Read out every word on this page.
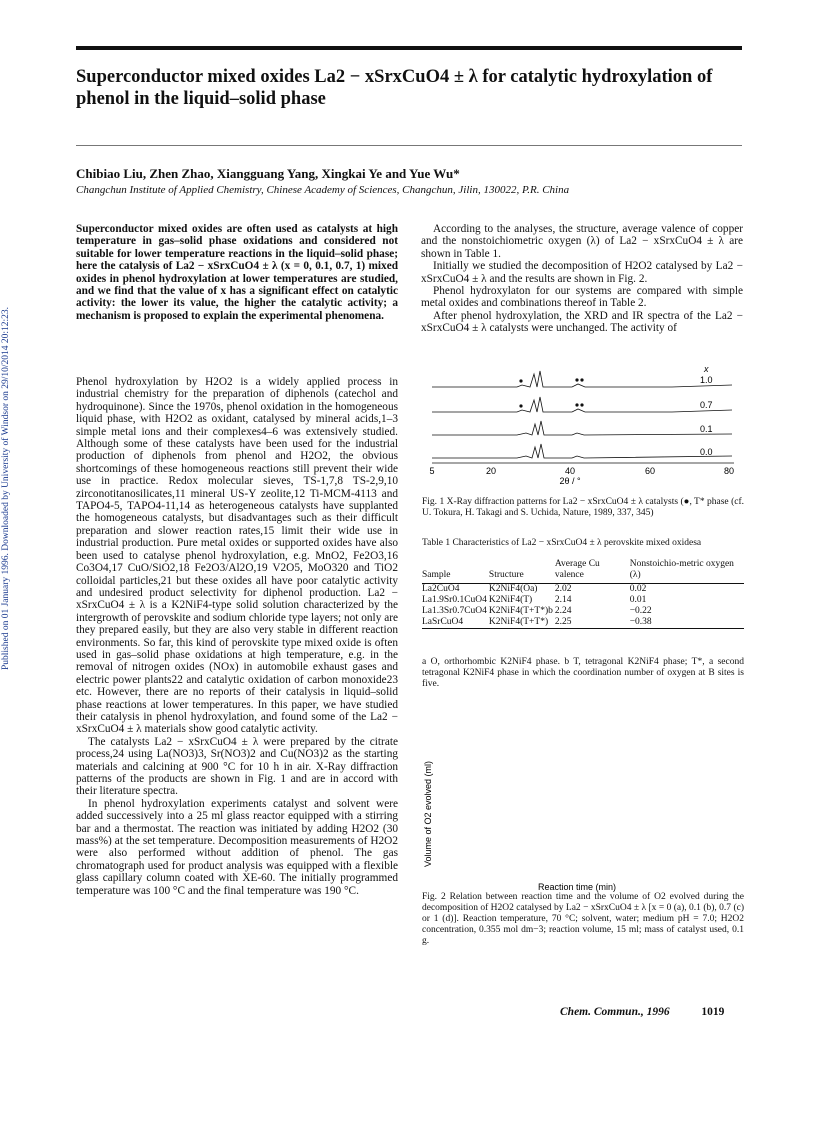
Published on 01 January 1996. Downloaded by University of Windsor on 29/10/2014 20:12:23.
Superconductor mixed oxides La2 − xSrxCuO4 ± λ for catalytic hydroxylation of phenol in the liquid–solid phase
Chibiao Liu, Zhen Zhao, Xiangguang Yang, Xingkai Ye and Yue Wu*
Changchun Institute of Applied Chemistry, Chinese Academy of Sciences, Changchun, Jilin, 130022, P.R. China
Superconductor mixed oxides are often used as catalysts at high temperature in gas–solid phase oxidations and considered not suitable for lower temperature reactions in the liquid–solid phase; here the catalysis of La2 − xSrxCuO4 ± λ (x = 0, 0.1, 0.7, 1) mixed oxides in phenol hydroxylation at lower temperatures are studied, and we find that the value of x has a significant effect on catalytic activity: the lower its value, the higher the catalytic activity; a mechanism is proposed to explain the experimental phenomena.

Phenol hydroxylation by H2O2 is a widely applied process in industrial chemistry for the preparation of diphenols (catechol and hydroquinone). Since the 1970s, phenol oxidation in the homogeneous liquid phase, with H2O2 as oxidant, catalysed by mineral acids,1–3 simple metal ions and their complexes4–6 was extensively studied. Although some of these catalysts have been used for the industrial production of diphenols from phenol and H2O2, the obvious shortcomings of these homogeneous reactions still prevent their wide use in practice. Redox molecular sieves, TS-1,7,8 TS-2,9,10 zirconotitanosilicates,11 mineral US-Y zeolite,12 Ti-MCM-4113 and TAPO4-5, TAPO4-11,14 as heterogeneous catalysts have supplanted the homogeneous catalysts, but disadvantages such as their difficult preparation and slower reaction rates,15 limit their wide use in industrial production. Pure metal oxides or supported oxides have also been used to catalyse phenol hydroxylation, e.g. MnO2, Fe2O3,16 Co3O4,17 CuO/SiO2,18 Fe2O3/Al2O,19 V2O5, MoO320 and TiO2 colloidal particles,21 but these oxides all have poor catalytic activity and undesired product selectivity for diphenol production. La2 − xSrxCuO4 ± λ is a K2NiF4-type solid solution characterized by the intergrowth of perovskite and sodium chloride type layers; not only are they prepared easily, but they are also very stable in different reaction environments. So far, this kind of perovskite type mixed oxide is often used in gas–solid phase oxidations at high temperature, e.g. in the removal of nitrogen oxides (NOx) in automobile exhaust gases and electric power plants22 and catalytic oxidation of carbon monoxide23 etc. However, there are no reports of their catalysis in liquid–solid phase reactions at lower temperatures. In this paper, we have studied their catalysis in phenol hydroxylation, and found some of the La2 − xSrxCuO4 ± λ materials show good catalytic activity.

The catalysts La2 − xSrxCuO4 ± λ were prepared by the citrate process,24 using La(NO3)3, Sr(NO3)2 and Cu(NO3)2 as the starting materials and calcining at 900 °C for 10 h in air. X-Ray diffraction patterns of the products are shown in Fig. 1 and are in accord with their literature spectra.

In phenol hydroxylation experiments catalyst and solvent were added successively into a 25 ml glass reactor equipped with a stirring bar and a thermostat. The reaction was initiated by adding H2O2 (30 mass%) at the set temperature. Decomposition measurements of H2O2 were also performed without addition of phenol. The gas chromatograph used for product analysis was equipped with a flexible glass capillary column coated with XE-60. The initially programmed temperature was 100 °C and the final temperature was 190 °C.

According to the analyses, the structure, average valence of copper and the nonstoichiometric oxygen (λ) of La2 − xSrxCuO4 ± λ are shown in Table 1.

Initially we studied the decomposition of H2O2 catalysed by La2 − xSrxCuO4 ± λ and the results are shown in Fig. 2.

Phenol hydroxylaton for our systems are compared with simple metal oxides and combinations thereof in Table 2.

After phenol hydroxylation, the XRD and IR spectra of the La2 − xSrxCuO4 ± λ catalysts were unchanged. The activity of

x
1.0
0.7
0.1
0.0
5	20	40	60	80
2θ / °
Fig. 1 X-Ray diffraction patterns for La2 − xSrxCuO4 ± λ catalysts (●, T* phase (cf. U. Tokura, H. Takagi and S. Uchida, Nature, 1989, 337, 345)
Table 1 Characteristics of La2 − xSrxCuO4 ± λ perovskite mixed oxidesa
Sample	Structure	Average Cu valence	Nonstoichio-metric oxygen (λ)
La2CuO4	K2NiF4(Oa)	2.02	0.02
La1.9Sr0.1CuO4	K2NiF4(T)	2.14	0.01
La1.3Sr0.7CuO4	K2NiF4(T+T*)b	2.24	−0.22
LaSrCuO4	K2NiF4(T+T*)	2.25	−0.38

a O, orthorhombic K2NiF4 phase. b T, tetragonal K2NiF4 phase; T*, a second tetragonal K2NiF4 phase in which the coordination number of oxygen at B sites is five.
Reaction time (min)
Volume of O2 evolved (ml)
Fig. 2 Relation between reaction time and the volume of O2 evolved during the decomposition of H2O2 catalysed by La2 − xSrxCuO4 ± λ [x = 0 (a), 0.1 (b), 0.7 (c) or 1 (d)]. Reaction temperature, 70 °C; solvent, water; medium pH = 7.0; H2O2 concentration, 0.355 mol dm−3; reaction volume, 15 ml; mass of catalyst used, 0.1 g.
Chem. Commun., 1996	1019
